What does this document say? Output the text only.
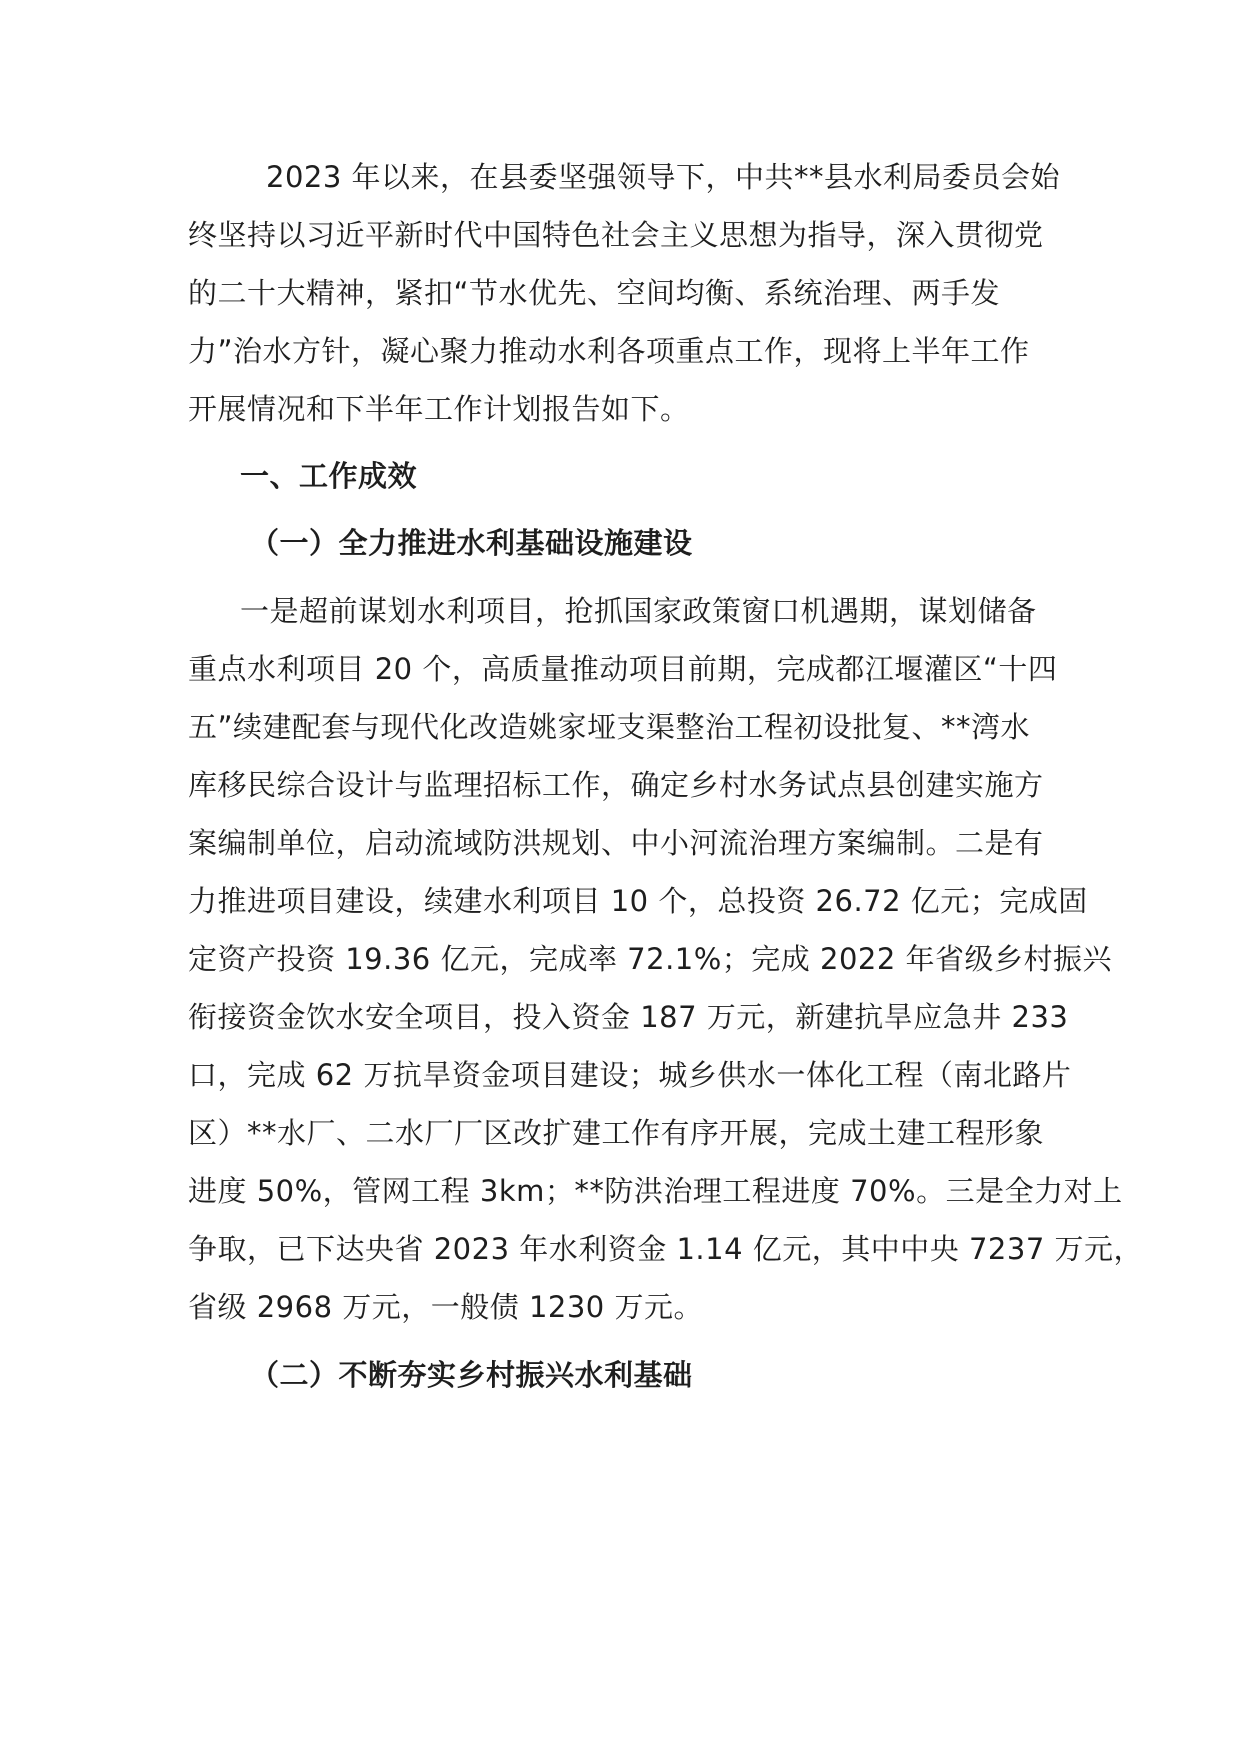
2023 年以来，在县委坚强领导下，中共**县水利局委员会始
终坚持以习近平新时代中国特色社会主义思想为指导，深入贯彻党
的二十大精神，紧扣“节水优先、空间均衡、系统治理、两手发
力”治水方针，凝心聚力推动水利各项重点工作，现将上半年工作
开展情况和下半年工作计划报告如下。
一、工作成效
（一）全力推进水利基础设施建设
一是超前谋划水利项目，抢抓国家政策窗口机遇期，谋划储备
重点水利项目 20 个，高质量推动项目前期，完成都江堰灌区“十四
五”续建配套与现代化改造姚家垭支渠整治工程初设批复、**湾水
库移民综合设计与监理招标工作，确定乡村水务试点县创建实施方
案编制单位，启动流域防洪规划、中小河流治理方案编制。二是有
力推进项目建设，续建水利项目 10 个，总投资 26.72 亿元；完成固
定资产投资 19.36 亿元，完成率 72.1%；完成 2022 年省级乡村振兴
衔接资金饮水安全项目，投入资金 187 万元，新建抗旱应急井 233
口，完成 62 万抗旱资金项目建设；城乡供水一体化工程（南北路片
区）**水厂、二水厂厂区改扩建工作有序开展，完成土建工程形象
进度 50%，管网工程 3km；**防洪治理工程进度 70%。三是全力对上
争取，已下达央省 2023 年水利资金 1.14 亿元，其中中央 7237 万元，
省级 2968 万元，一般债 1230 万元。
（二）不断夯实乡村振兴水利基础
